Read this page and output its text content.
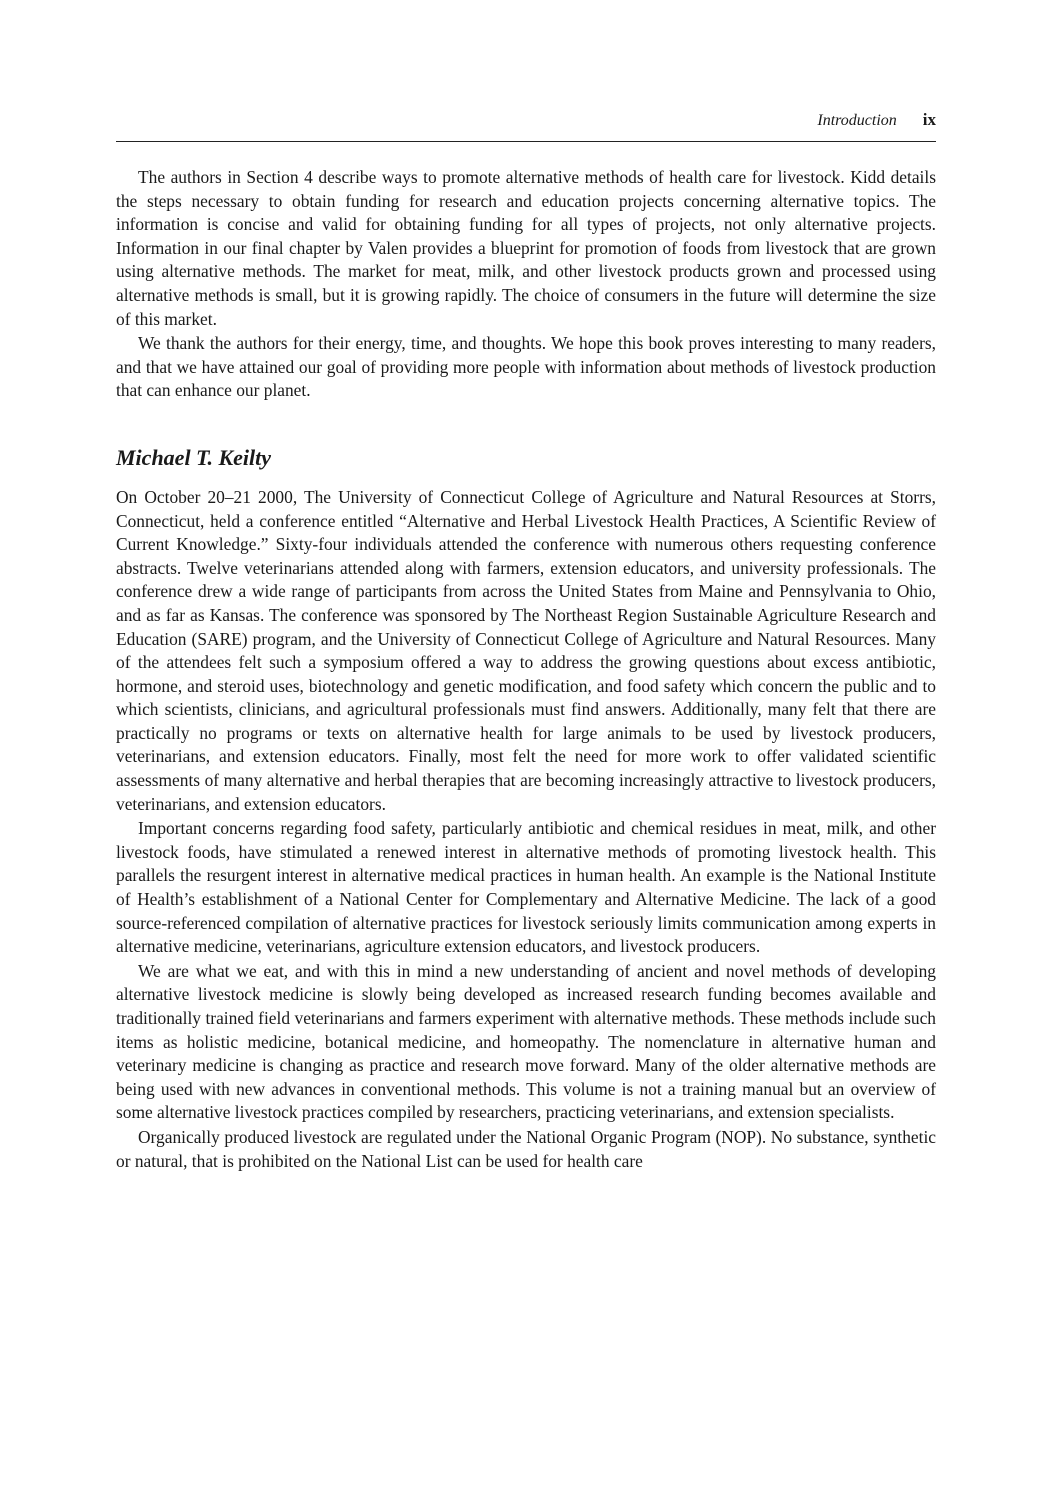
Introduction ix

The authors in Section 4 describe ways to promote alternative methods of health care for livestock. Kidd details the steps necessary to obtain funding for research and education projects concerning alternative topics. The information is concise and valid for obtaining funding for all types of projects, not only alternative projects. Information in our final chapter by Valen provides a blueprint for promotion of foods from livestock that are grown using alternative methods. The market for meat, milk, and other livestock products grown and processed using alternative methods is small, but it is growing rapidly. The choice of consumers in the future will determine the size of this market.

We thank the authors for their energy, time, and thoughts. We hope this book proves interesting to many readers, and that we have attained our goal of providing more people with information about methods of livestock production that can enhance our planet.

Michael T. Keilty

On October 20–21 2000, The University of Connecticut College of Agriculture and Natural Resources at Storrs, Connecticut, held a conference entitled “Alternative and Herbal Livestock Health Practices, A Scientific Review of Current Knowledge.” Sixty-four individuals attended the conference with numerous others requesting conference abstracts. Twelve veterinarians attended along with farmers, extension educators, and university professionals. The conference drew a wide range of participants from across the United States from Maine and Pennsylvania to Ohio, and as far as Kansas. The conference was sponsored by The Northeast Region Sustainable Agriculture Research and Education (SARE) program, and the University of Connecticut College of Agriculture and Natural Resources. Many of the attendees felt such a symposium offered a way to address the growing questions about excess antibiotic, hormone, and steroid uses, biotechnology and genetic modification, and food safety which concern the public and to which scientists, clinicians, and agricultural professionals must find answers. Additionally, many felt that there are practically no programs or texts on alternative health for large animals to be used by livestock producers, veterinarians, and extension educators. Finally, most felt the need for more work to offer validated scientific assessments of many alternative and herbal therapies that are becoming increasingly attractive to livestock producers, veterinarians, and extension educators.

Important concerns regarding food safety, particularly antibiotic and chemical residues in meat, milk, and other livestock foods, have stimulated a renewed interest in alternative methods of promoting livestock health. This parallels the resurgent interest in alternative medical practices in human health. An example is the National Institute of Health’s establishment of a National Center for Complementary and Alternative Medicine. The lack of a good source-referenced compilation of alternative practices for livestock seriously limits communication among experts in alternative medicine, veterinarians, agriculture extension educators, and livestock producers.

We are what we eat, and with this in mind a new understanding of ancient and novel methods of developing alternative livestock medicine is slowly being developed as increased research funding becomes available and traditionally trained field veterinarians and farmers experiment with alternative methods. These methods include such items as holistic medicine, botanical medicine, and homeopathy. The nomenclature in alternative human and veterinary medicine is changing as practice and research move forward. Many of the older alternative methods are being used with new advances in conventional methods. This volume is not a training manual but an overview of some alternative livestock practices compiled by researchers, practicing veterinarians, and extension specialists.

Organically produced livestock are regulated under the National Organic Program (NOP). No substance, synthetic or natural, that is prohibited on the National List can be used for health care
